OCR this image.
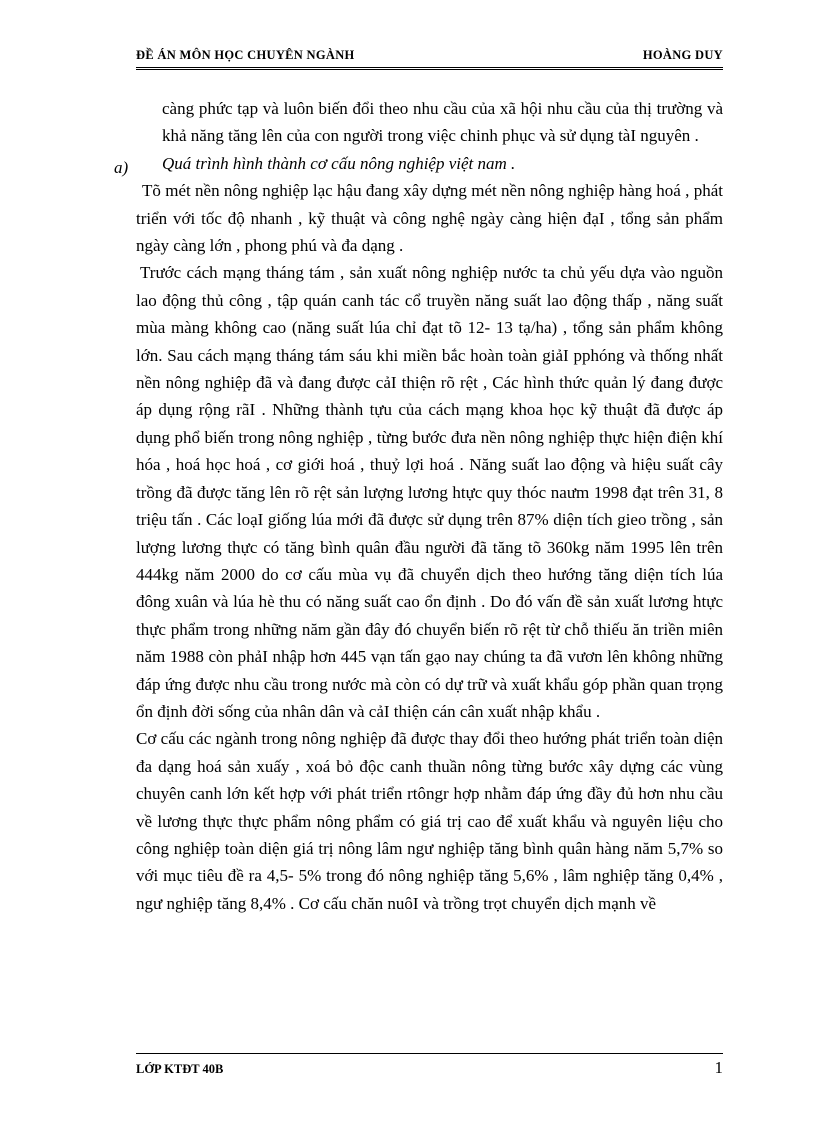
ĐỀ ÁN MÔN HỌC CHUYÊN NGÀNH	HOÀNG DUY

càng phức tạp và luôn biến đổi theo nhu cầu của xã hội nhu cầu của thị trường và khả năng tăng lên của con người trong việc chinh phục và sử dụng tàI nguyên .

a) Quá trình hình thành cơ cấu nông nghiệp việt nam .

Tõ mét nền nông nghiệp lạc hậu đang xây dựng mét nền nông nghiệp hàng hoá , phát triển với tốc độ nhanh , kỹ thuật và công nghệ ngày càng hiện đạI , tổng sản phẩm ngày càng lớn , phong phú và đa dạng .

Trước cách mạng tháng tám , sản xuất nông nghiệp nước ta chủ yếu dựa vào nguồn lao động thủ công , tập quán canh tác cổ truyền năng suất lao động thấp , năng suất mùa màng không cao (năng suất lúa chỉ đạt tõ 12- 13 tạ/ha) , tổng sản phẩm không lớn. Sau cách mạng tháng tám sáu khi miền bắc hoàn toàn giảI pphóng và thống nhất nền nông nghiệp đã và đang được cảI thiện rõ rệt , Các hình thức quản lý đang được áp dụng rộng rãI . Những thành tựu của cách mạng khoa học kỹ thuật đã được áp dụng phổ biến trong nông nghiệp , từng bước đưa nền nông nghiệp thực hiện điện khí hóa , hoá học hoá , cơ giới hoá , thuỷ lợi hoá . Năng suất lao động và hiệu suất cây trồng đã được tăng lên rõ rệt sản lượng lương htực quy thóc naưm 1998 đạt trên 31, 8 triệu tấn . Các loạI giống lúa mới đã được sử dụng trên 87% diện tích gieo trồng , sản lượng lương thực có tăng bình quân đầu người đã tăng tõ 360kg năm 1995 lên trên 444kg năm 2000 do cơ cấu mùa vụ đã chuyển dịch theo hướng tăng diện tích lúa đông xuân và lúa hè thu có năng suất cao ổn định . Do đó vấn đề sản xuất lương htực thực phẩm trong những năm gần đây đó chuyển biến rõ rệt từ chỗ thiếu ăn triền miên năm 1988 còn phảI nhập hơn 445 vạn tấn gạo nay chúng ta đã vươn lên không những đáp ứng được nhu cầu trong nước mà còn có dự trữ và xuất khẩu góp phần quan trọng ổn định đời sống của nhân dân và cảI thiện cán cân xuất nhập khẩu .

Cơ cấu các ngành trong nông nghiệp đã được thay đổi theo hướng phát triển toàn diện đa dạng hoá sản xuấy , xoá bỏ độc canh thuần nông từng bước xây dựng các vùng chuyên canh lớn kết hợp với phát triển rtôngr hợp nhằm đáp ứng đầy đủ hơn nhu cầu về lương thực thực phẩm nông phẩm có giá trị cao để xuất khẩu và nguyên liệu cho công nghiệp toàn diện giá trị nông lâm ngư nghiệp tăng bình quân hàng năm 5,7% so với mục tiêu đề ra 4,5- 5% trong đó nông nghiệp tăng 5,6% , lâm nghiệp tăng 0,4% , ngư nghiệp tăng 8,4% . Cơ cấu chăn nuôI và trồng trọt chuyển dịch mạnh về

LỚP KTĐT 40B	1
